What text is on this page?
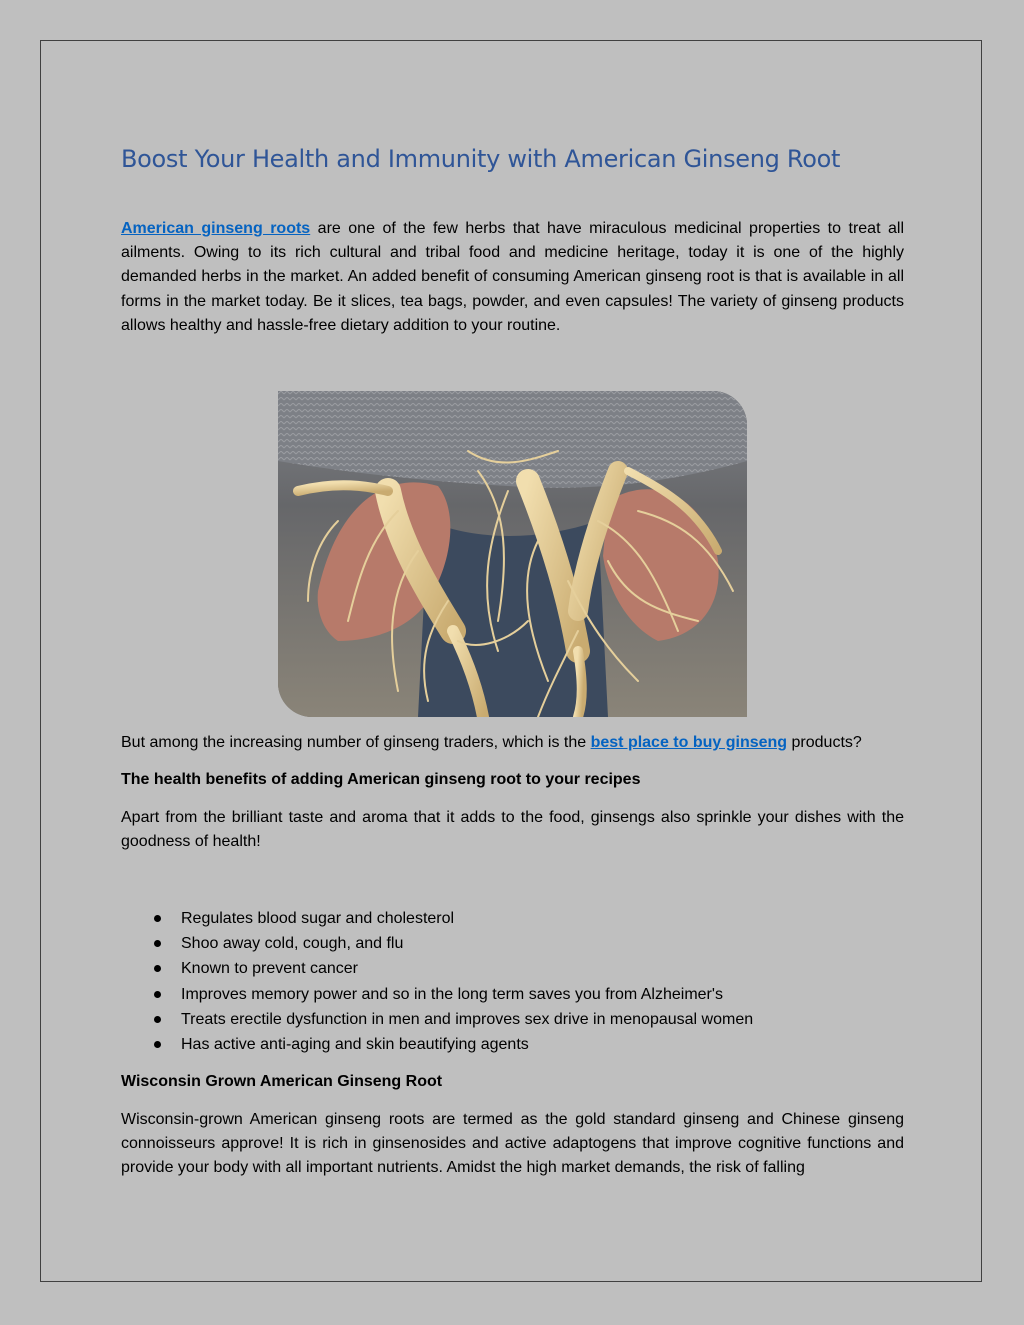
Boost Your Health and Immunity with American Ginseng Root

American ginseng roots are one of the few herbs that have miraculous medicinal properties to treat all ailments. Owing to its rich cultural and tribal food and medicine heritage, today it is one of the highly demanded herbs in the market. An added benefit of consuming American ginseng root is that is available in all forms in the market today. Be it slices, tea bags, powder, and even capsules! The variety of ginseng products allows healthy and hassle-free dietary addition to your routine.

But among the increasing number of ginseng traders, which is the best place to buy ginseng products?

The health benefits of adding American ginseng root to your recipes

Apart from the brilliant taste and aroma that it adds to the food, ginsengs also sprinkle your dishes with the goodness of health!

Regulates blood sugar and cholesterol
Shoo away cold, cough, and flu
Known to prevent cancer
Improves memory power and so in the long term saves you from Alzheimer's
Treats erectile dysfunction in men and improves sex drive in menopausal women
Has active anti-aging and skin beautifying agents

Wisconsin Grown American Ginseng Root

Wisconsin-grown American ginseng roots are termed as the gold standard ginseng and Chinese ginseng connoisseurs approve! It is rich in ginsenosides and active adaptogens that improve cognitive functions and provide your body with all important nutrients. Amidst the high market demands, the risk of falling
